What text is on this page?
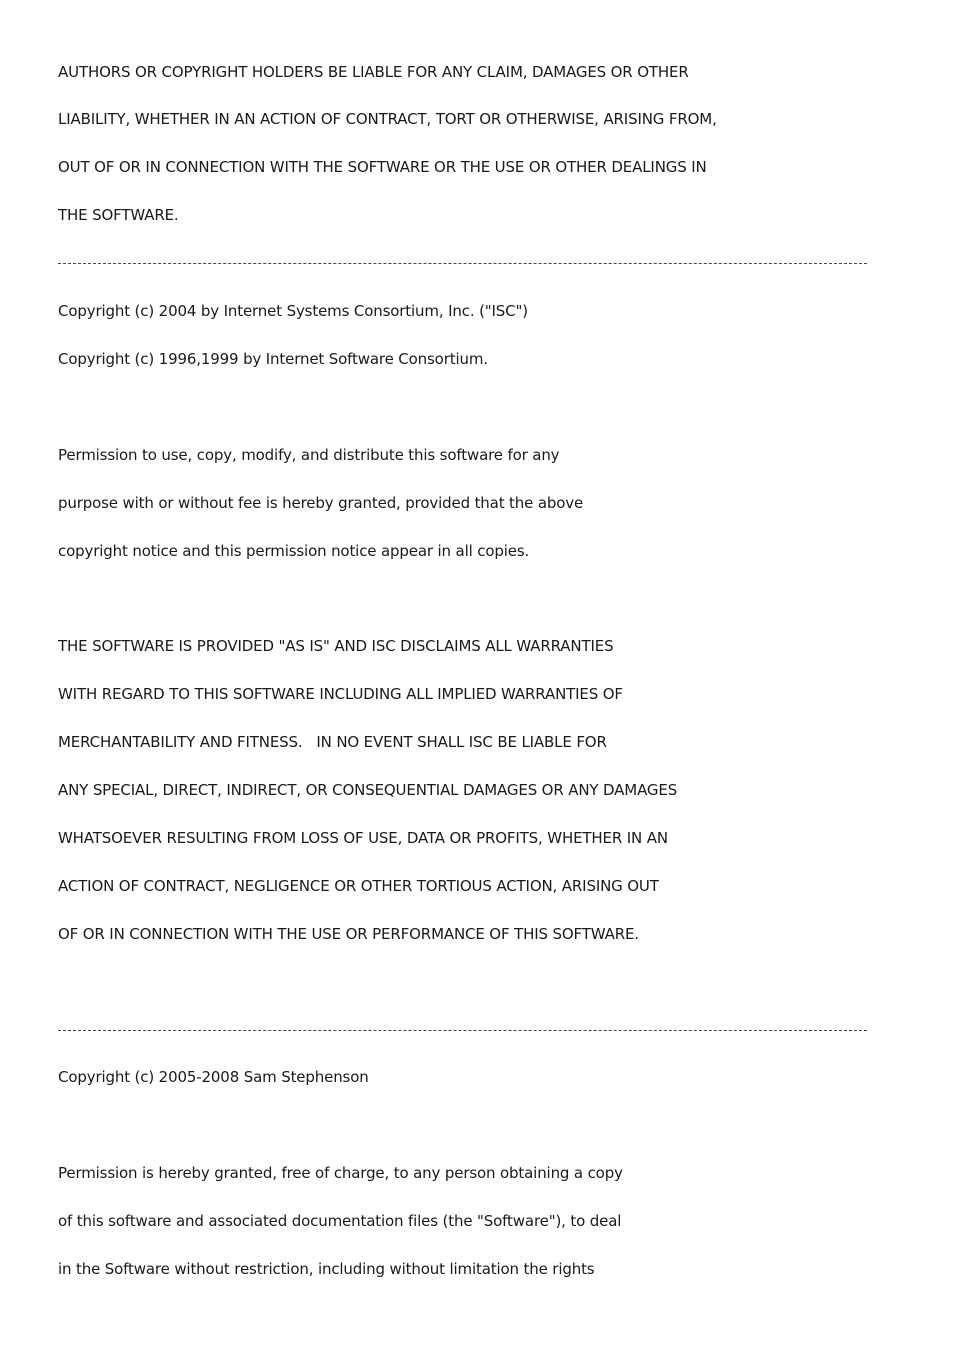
AUTHORS OR COPYRIGHT HOLDERS BE LIABLE FOR ANY CLAIM, DAMAGES OR OTHER
LIABILITY, WHETHER IN AN ACTION OF CONTRACT, TORT OR OTHERWISE, ARISING FROM,
OUT OF OR IN CONNECTION WITH THE SOFTWARE OR THE USE OR OTHER DEALINGS IN
THE SOFTWARE.
Copyright (c) 2004 by Internet Systems Consortium, Inc. ("ISC")
Copyright (c) 1996,1999 by Internet Software Consortium.
Permission to use, copy, modify, and distribute this software for any
purpose with or without fee is hereby granted, provided that the above
copyright notice and this permission notice appear in all copies.
THE SOFTWARE IS PROVIDED "AS IS" AND ISC DISCLAIMS ALL WARRANTIES
WITH REGARD TO THIS SOFTWARE INCLUDING ALL IMPLIED WARRANTIES OF
MERCHANTABILITY AND FITNESS.   IN NO EVENT SHALL ISC BE LIABLE FOR
ANY SPECIAL, DIRECT, INDIRECT, OR CONSEQUENTIAL DAMAGES OR ANY DAMAGES
WHATSOEVER RESULTING FROM LOSS OF USE, DATA OR PROFITS, WHETHER IN AN
ACTION OF CONTRACT, NEGLIGENCE OR OTHER TORTIOUS ACTION, ARISING OUT
OF OR IN CONNECTION WITH THE USE OR PERFORMANCE OF THIS SOFTWARE.
Copyright (c) 2005-2008 Sam Stephenson
Permission is hereby granted, free of charge, to any person obtaining a copy
of this software and associated documentation files (the "Software"), to deal
in the Software without restriction, including without limitation the rights
